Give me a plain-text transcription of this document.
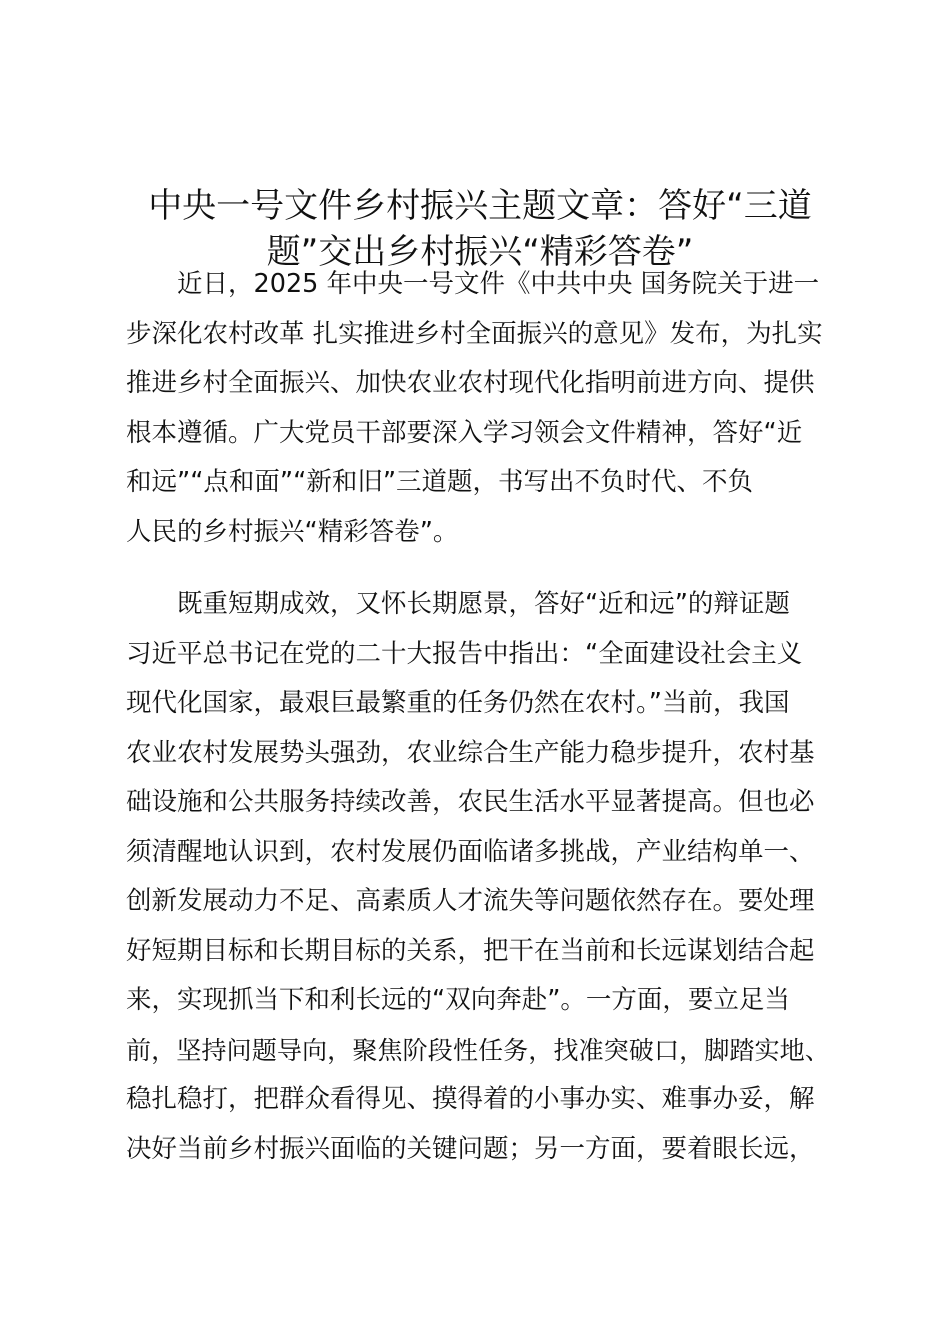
中央一号文件乡村振兴主题文章：答好“三道
题”交出乡村振兴“精彩答卷”
近日，2025 年中央一号文件《中共中央 国务院关于进一
步深化农村改革 扎实推进乡村全面振兴的意见》发布，为扎实
推进乡村全面振兴、加快农业农村现代化指明前进方向、提供
根本遵循。广大党员干部要深入学习领会文件精神，答好“近
和远”“点和面”“新和旧”三道题，书写出不负时代、不负
人民的乡村振兴“精彩答卷”。
既重短期成效，又怀长期愿景，答好“近和远”的辩证题
习近平总书记在党的二十大报告中指出：“全面建设社会主义
现代化国家，最艰巨最繁重的任务仍然在农村。”当前，我国
农业农村发展势头强劲，农业综合生产能力稳步提升，农村基
础设施和公共服务持续改善，农民生活水平显著提高。但也必
须清醒地认识到，农村发展仍面临诸多挑战，产业结构单一、
创新发展动力不足、高素质人才流失等问题依然存在。要处理
好短期目标和长期目标的关系，把干在当前和长远谋划结合起
来，实现抓当下和利长远的“双向奔赴”。一方面，要立足当
前，坚持问题导向，聚焦阶段性任务，找准突破口，脚踏实地、
稳扎稳打，把群众看得见、摸得着的小事办实、难事办妥，解
决好当前乡村振兴面临的关键问题；另一方面，要着眼长远，
